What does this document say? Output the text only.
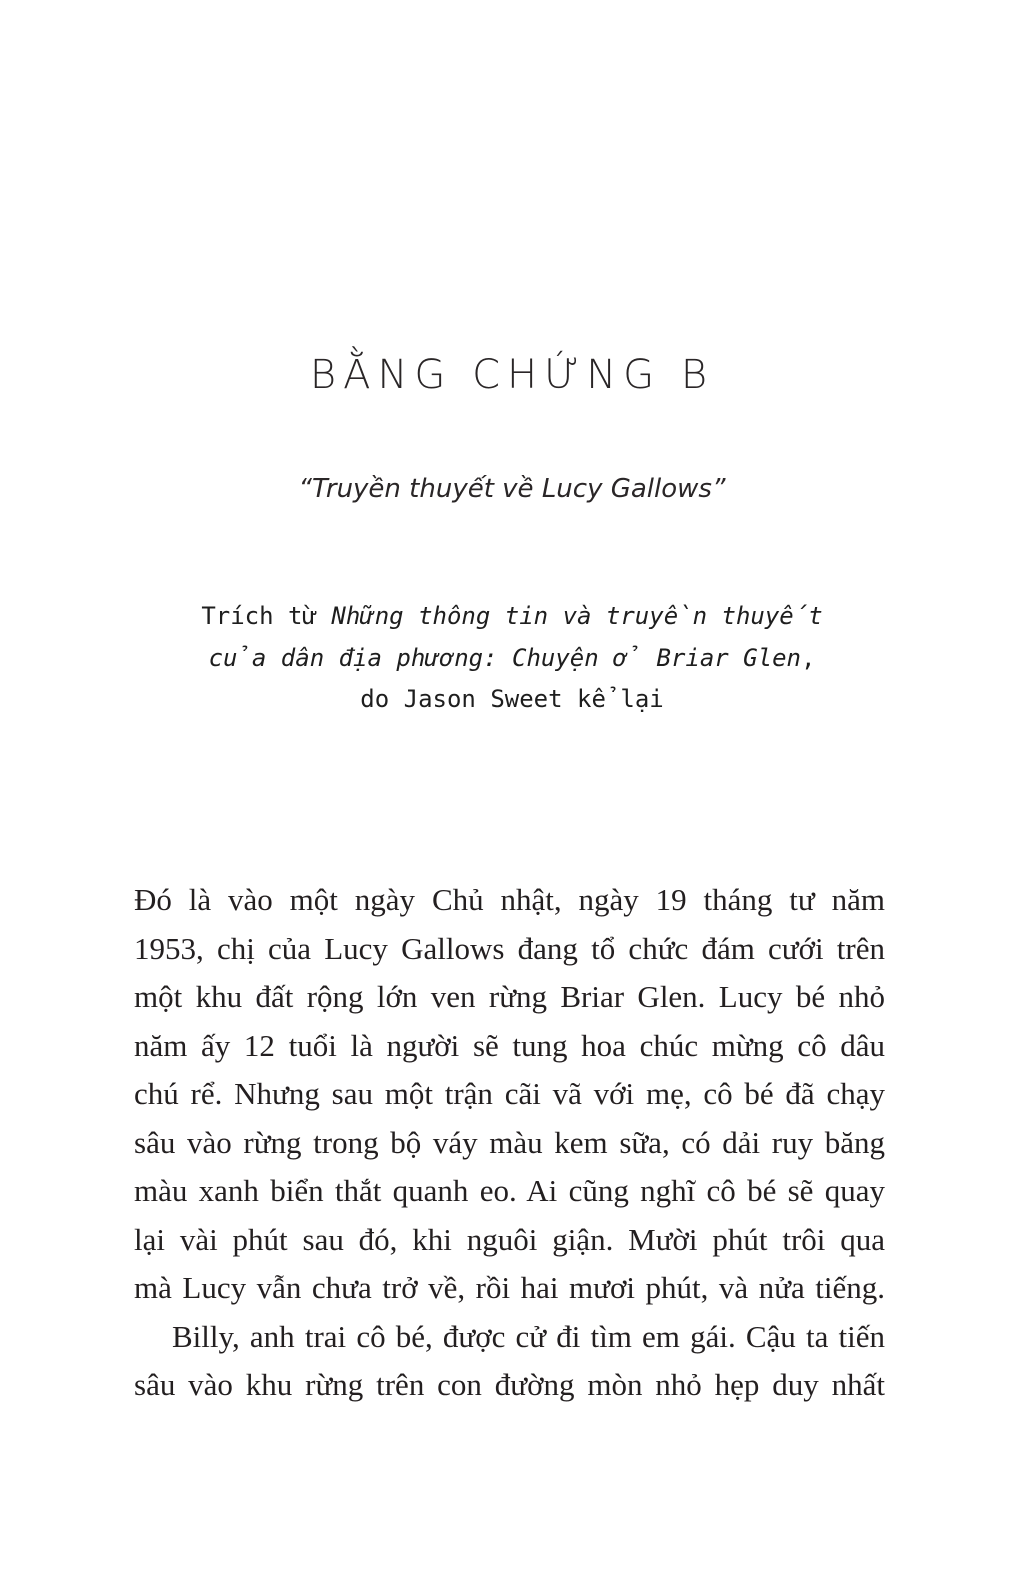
BẰNG CHỨNG B
“Truyền thuyết về Lucy Gallows”
Trích từ Những thông tin và truyền thuyết
của dân địa phương: Chuyện ở Briar Glen,
do Jason Sweet kể lại
Đó là vào một ngày Chủ nhật, ngày 19 tháng tư năm
1953, chị của Lucy Gallows đang tổ chức đám cưới trên
một khu đất rộng lớn ven rừng Briar Glen. Lucy bé nhỏ
năm ấy 12 tuổi là người sẽ tung hoa chúc mừng cô dâu
chú rể. Nhưng sau một trận cãi vã với mẹ, cô bé đã chạy
sâu vào rừng trong bộ váy màu kem sữa, có dải ruy băng
màu xanh biển thắt quanh eo. Ai cũng nghĩ cô bé sẽ quay
lại vài phút sau đó, khi nguôi giận. Mười phút trôi qua
mà Lucy vẫn chưa trở về, rồi hai mươi phút, và nửa tiếng.
Billy, anh trai cô bé, được cử đi tìm em gái. Cậu ta tiến
sâu vào khu rừng trên con đường mòn nhỏ hẹp duy nhất
